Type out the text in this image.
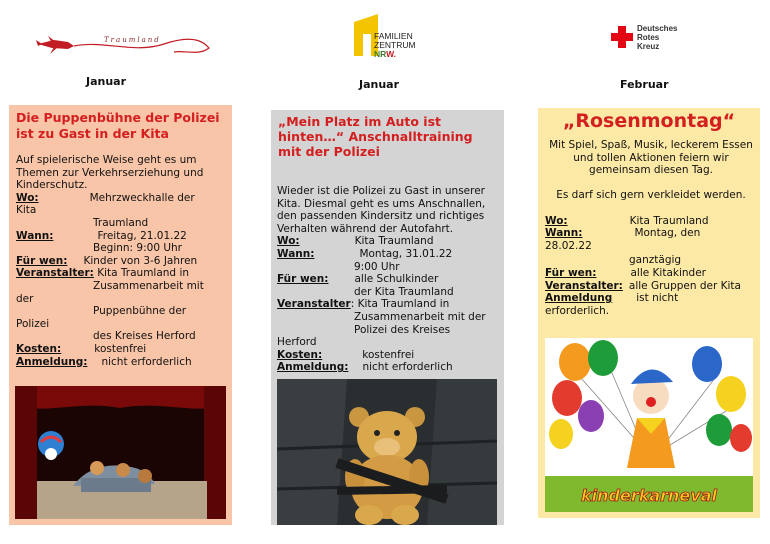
Traumland	FAMILIEN
ZENTRUM
NRW.
Deutsches
Rotes
Kreuz
Januar	Januar	Februar
Die Puppenbühne der Polizei ist zu Gast in der Kita
Auf spielerische Weise geht es um Themen zur Verkehrserziehung und Kinderschutz.
Wo:	Mehrzweckhalle der
Kita
Traumland
Wann:	Freitag, 21.01.22
Beginn: 9:00 Uhr
Für wen: Kinder von 3-6 Jahren
Veranstalter: Kita Traumland in
Zusammenarbeit mit
der
Puppenbühne der
Polizei
des Kreises Herford
Kosten:	kostenfrei
Anmeldung: nicht erforderlich
„Mein Platz im Auto ist hinten…“ Anschnalltraining mit der Polizei
Wieder ist die Polizei zu Gast in unserer Kita. Diesmal geht es ums Anschnallen, den passenden Kindersitz und richtiges Verhalten während der Autofahrt.
Wo:	Kita Traumland
Wann:	Montag, 31.01.22
9:00 Uhr
Für wen: alle Schulkinder
der Kita Traumland
Veranstalter: Kita Traumland in
Zusammenarbeit mit der
Polizei des Kreises
Herford
Kosten:	kostenfrei
Anmeldung: nicht erforderlich
„Rosenmontag“
Mit Spiel, Spaß, Musik, leckerem Essen und tollen Aktionen feiern wir gemeinsam diesen Tag.
Es darf sich gern verkleidet werden.
Wo:	Kita Traumland
Wann:	Montag, den
28.02.22
ganztägig
Für wen:	alle Kitakinder
Veranstalter: alle Gruppen der Kita
Anmeldung ist nicht
erforderlich.
kinderkarneval
